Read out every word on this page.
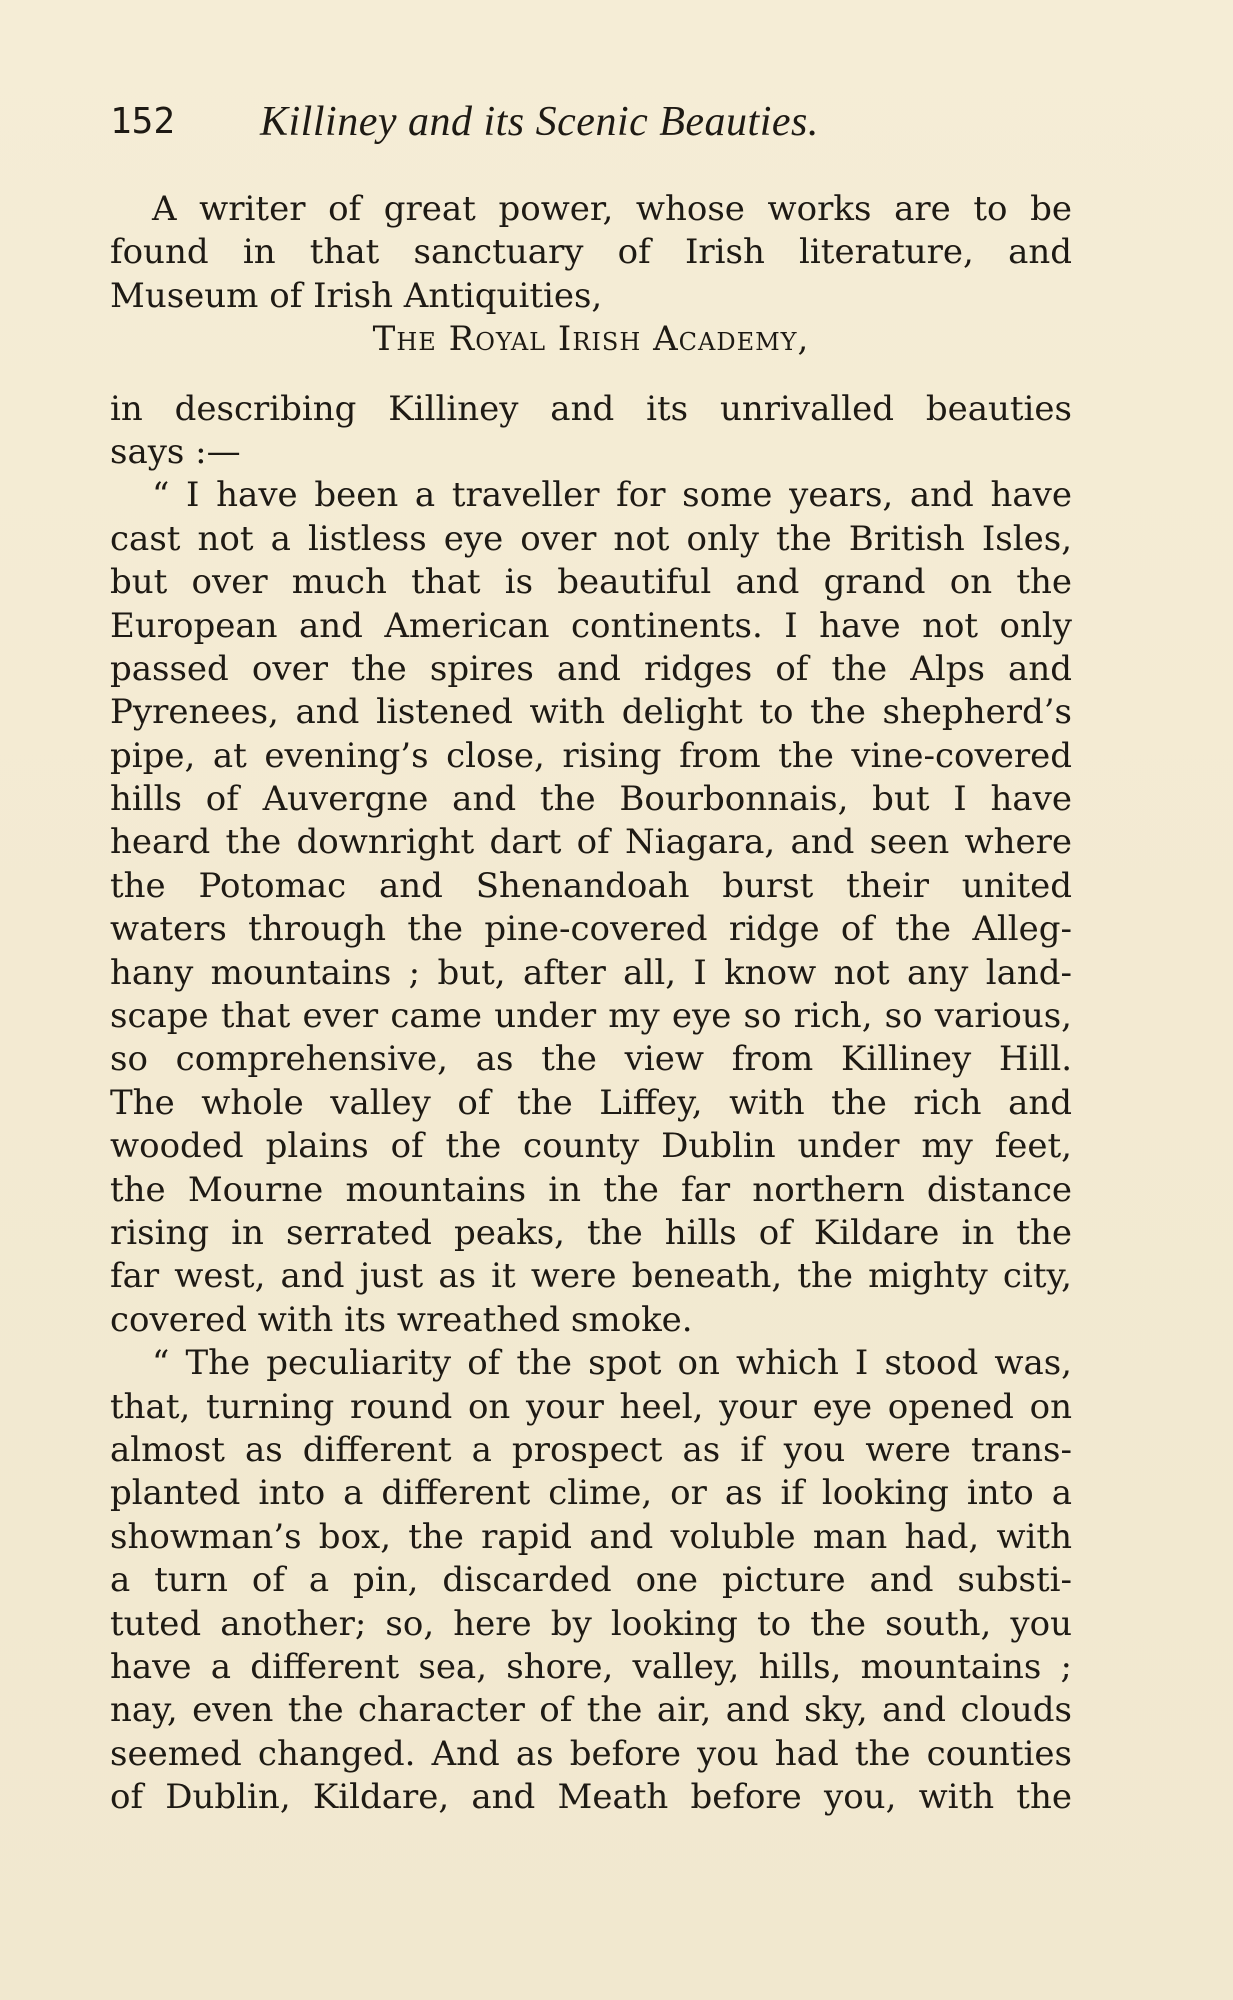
152 Killiney and its Scenic Beauties.
A writer of great power, whose works are to be
found in that sanctuary of Irish literature, and
Museum of Irish Antiquities,
The Royal Irish Academy,
in describing Killiney and its unrivalled beauties
says :—
“ I have been a traveller for some years, and have
cast not a listless eye over not only the British Isles,
but over much that is beautiful and grand on the
European and American continents. I have not only
passed over the spires and ridges of the Alps and
Pyrenees, and listened with delight to the shepherd’s
pipe, at evening’s close, rising from the vine-covered
hills of Auvergne and the Bourbonnais, but I have
heard the downright dart of Niagara, and seen where
the Potomac and Shenandoah burst their united
waters through the pine-covered ridge of the Alleg-
hany mountains ; but, after all, I know not any land-
scape that ever came under my eye so rich, so various,
so comprehensive, as the view from Killiney Hill.
The whole valley of the Liffey, with the rich and
wooded plains of the county Dublin under my feet,
the Mourne mountains in the far northern distance
rising in serrated peaks, the hills of Kildare in the
far west, and just as it were beneath, the mighty city,
covered with its wreathed smoke.
“ The peculiarity of the spot on which I stood was,
that, turning round on your heel, your eye opened on
almost as different a prospect as if you were trans-
planted into a different clime, or as if looking into a
showman’s box, the rapid and voluble man had, with
a turn of a pin, discarded one picture and substi-
tuted another; so, here by looking to the south, you
have a different sea, shore, valley, hills, mountains ;
nay, even the character of the air, and sky, and clouds
seemed changed. And as before you had the counties
of Dublin, Kildare, and Meath before you, with the
